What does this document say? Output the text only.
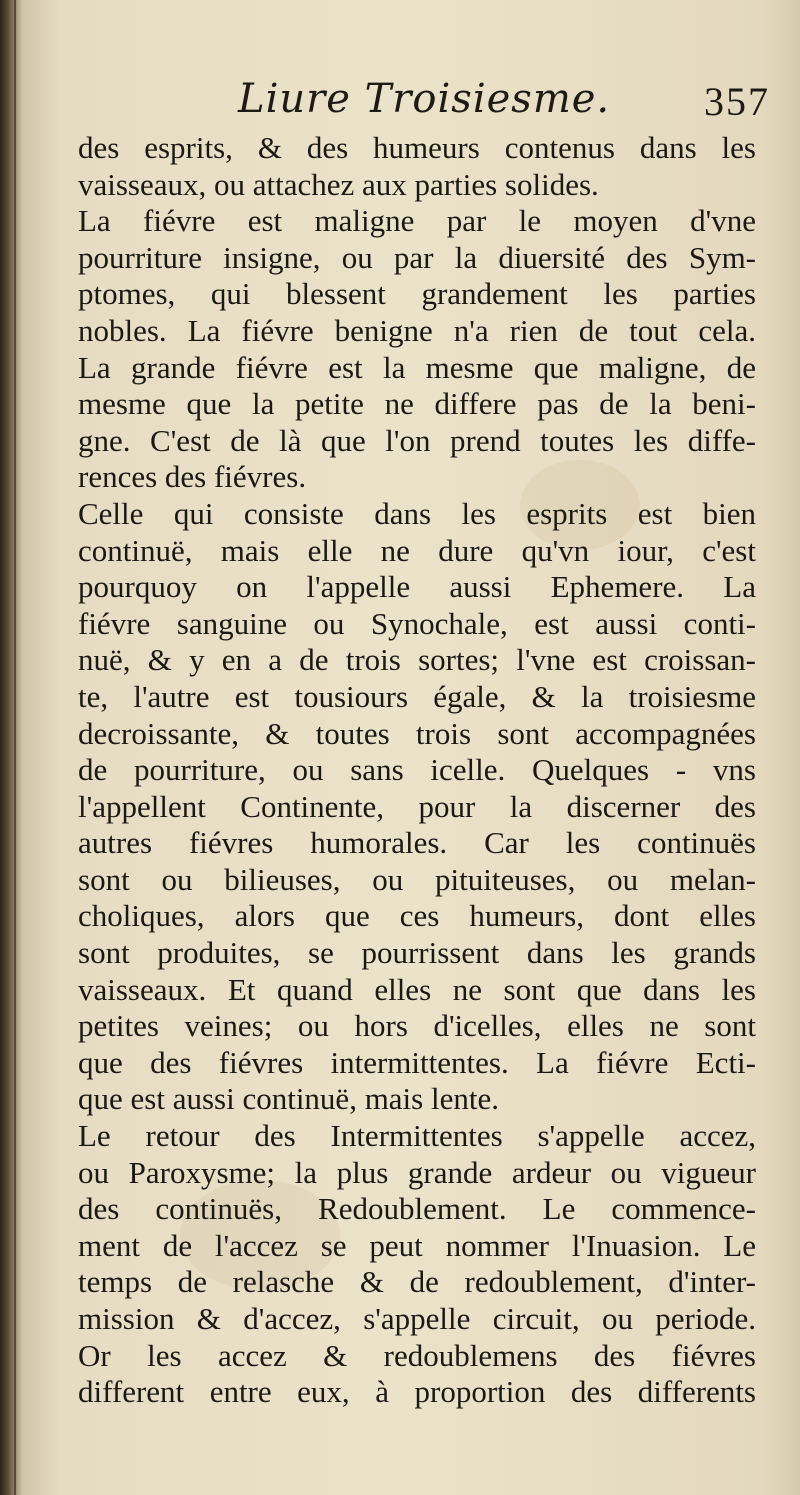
Liure Troisiesme. 357
des esprits, & des humeurs contenus dans les
vaisseaux, ou attachez aux parties solides.
La fiévre est maligne par le moyen d'vne
pourriture insigne, ou par la diuersité des Sym-
ptomes, qui blessent grandement les parties
nobles. La fiévre benigne n'a rien de tout cela.
La grande fiévre est la mesme que maligne, de
mesme que la petite ne differe pas de la beni-
gne. C'est de là que l'on prend toutes les diffe-
rences des fiévres.
Celle qui consiste dans les esprits est bien
continuë, mais elle ne dure qu'vn iour, c'est
pourquoy on l'appelle aussi Ephemere. La
fiévre sanguine ou Synochale, est aussi conti-
nuë, & y en a de trois sortes; l'vne est croissan-
te, l'autre est tousiours égale, & la troisiesme
decroissante, & toutes trois sont accompagnées
de pourriture, ou sans icelle. Quelques - vns
l'appellent Continente, pour la discerner des
autres fiévres humorales. Car les continuës
sont ou bilieuses, ou pituiteuses, ou melan-
choliques, alors que ces humeurs, dont elles
sont produites, se pourrissent dans les grands
vaisseaux. Et quand elles ne sont que dans les
petites veines; ou hors d'icelles, elles ne sont
que des fiévres intermittentes. La fiévre Ecti-
que est aussi continuë, mais lente.
Le retour des Intermittentes s'appelle accez,
ou Paroxysme; la plus grande ardeur ou vigueur
des continuës, Redoublement. Le commence-
ment de l'accez se peut nommer l'Inuasion. Le
temps de relasche & de redoublement, d'inter-
mission & d'accez, s'appelle circuit, ou periode.
Or les accez & redoublemens des fiévres
different entre eux, à proportion des differents
